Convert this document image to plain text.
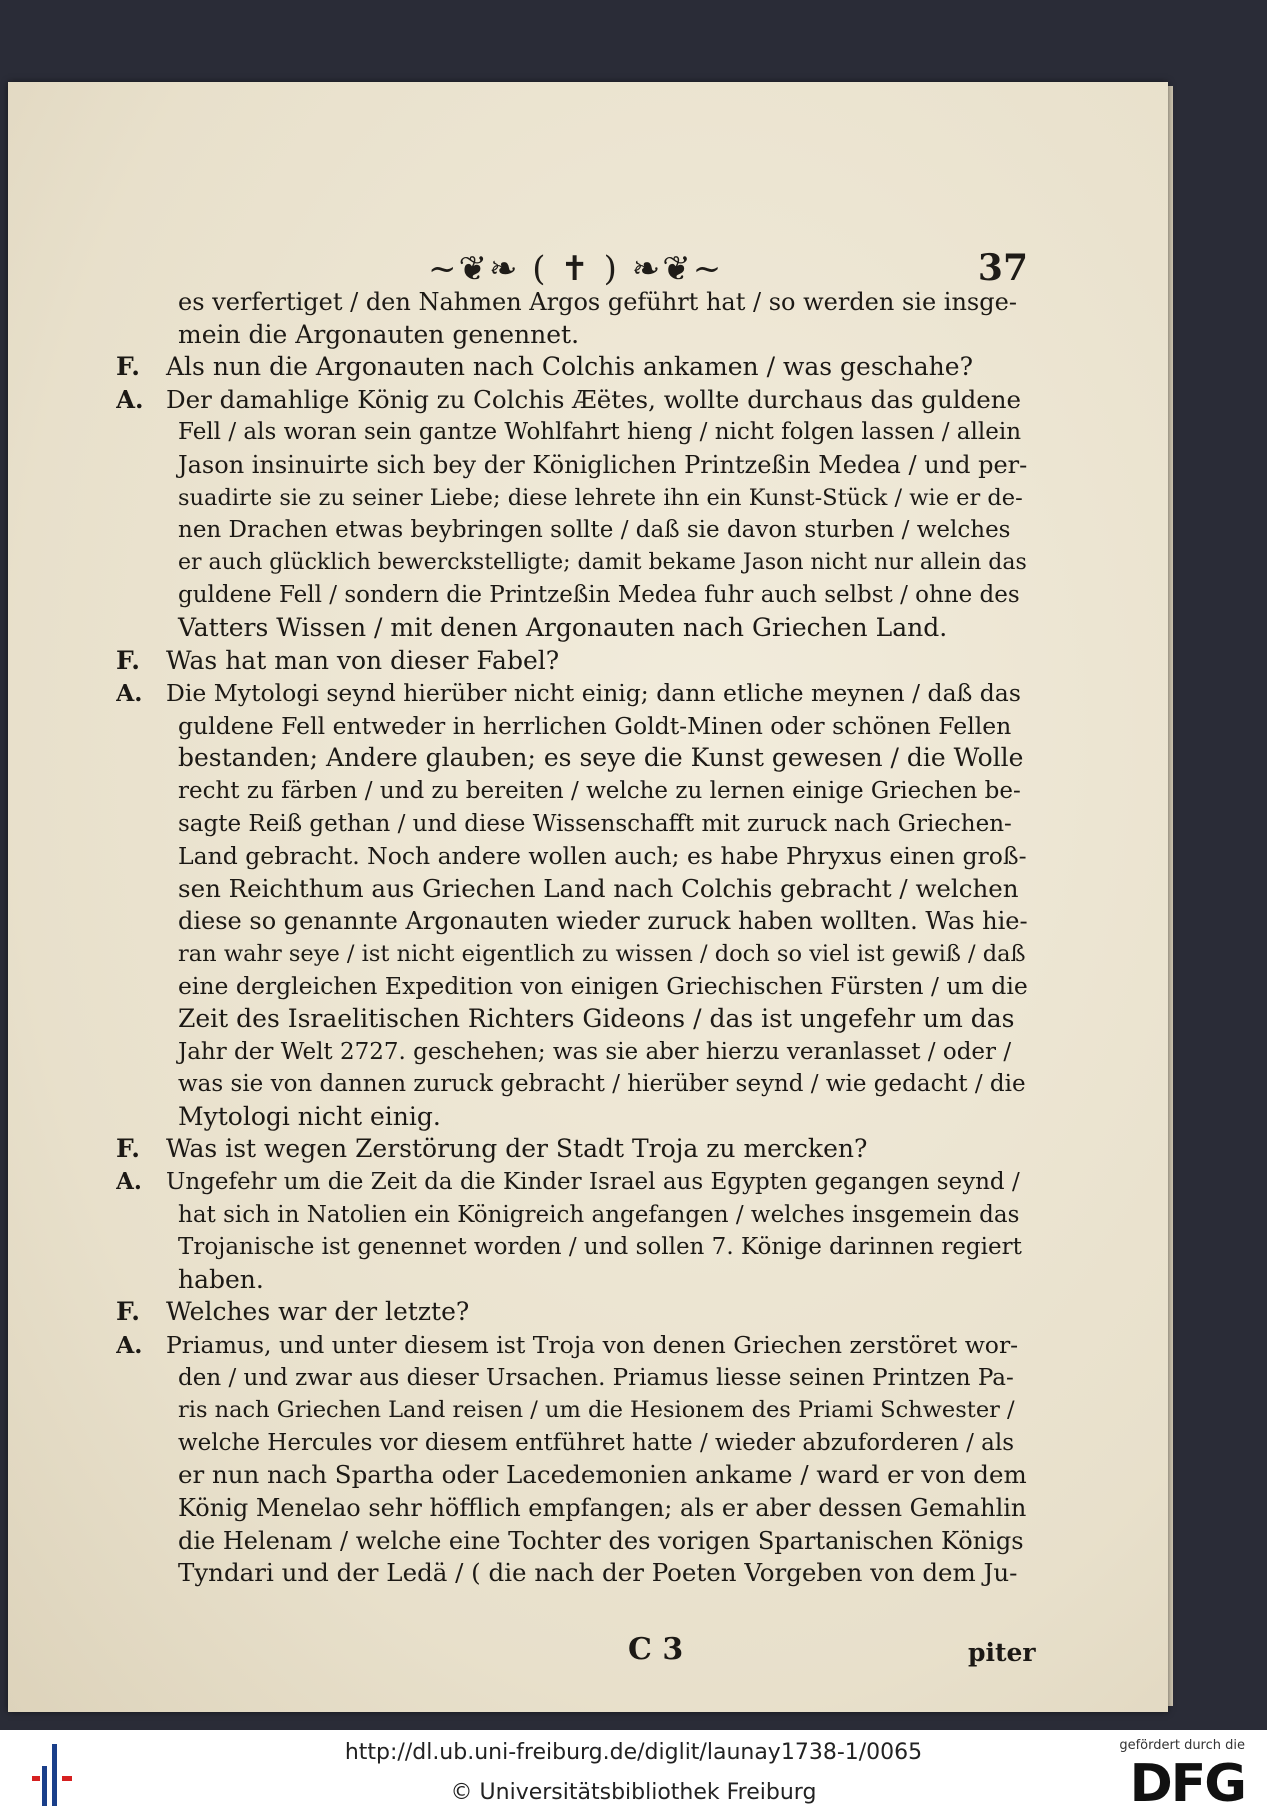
~❦❧ ( ✝ ) ❧❦~	37
es verfertiget / den Nahmen Argos geführt hat / so werden sie insge-
mein die Argonauten genennet.
F. Als nun die Argonauten nach Colchis ankamen / was geschahe?
A. Der damahlige König zu Colchis Æëtes, wollte durchaus das guldene
Fell / als woran sein gantze Wohlfahrt hieng / nicht folgen lassen / allein
Jason insinuirte sich bey der Königlichen Printzeßin Medea / und per-
suadirte sie zu seiner Liebe; diese lehrete ihn ein Kunst-Stück / wie er de-
nen Drachen etwas beybringen sollte / daß sie davon sturben / welches
er auch glücklich bewerckstelligte; damit bekame Jason nicht nur allein das
guldene Fell / sondern die Printzeßin Medea fuhr auch selbst / ohne des
Vatters Wissen / mit denen Argonauten nach Griechen Land.
F. Was hat man von dieser Fabel?
A. Die Mytologi seynd hierüber nicht einig; dann etliche meynen / daß das
guldene Fell entweder in herrlichen Goldt-Minen oder schönen Fellen
bestanden; Andere glauben; es seye die Kunst gewesen / die Wolle
recht zu färben / und zu bereiten / welche zu lernen einige Griechen be-
sagte Reiß gethan / und diese Wissenschafft mit zuruck nach Griechen-
Land gebracht. Noch andere wollen auch; es habe Phryxus einen groß-
sen Reichthum aus Griechen Land nach Colchis gebracht / welchen
diese so genannte Argonauten wieder zuruck haben wollten. Was hie-
ran wahr seye / ist nicht eigentlich zu wissen / doch so viel ist gewiß / daß
eine dergleichen Expedition von einigen Griechischen Fürsten / um die
Zeit des Israelitischen Richters Gideons / das ist ungefehr um das
Jahr der Welt 2727. geschehen; was sie aber hierzu veranlasset / oder /
was sie von dannen zuruck gebracht / hierüber seynd / wie gedacht / die
Mytologi nicht einig.
F. Was ist wegen Zerstörung der Stadt Troja zu mercken?
A. Ungefehr um die Zeit da die Kinder Israel aus Egypten gegangen seynd /
hat sich in Natolien ein Königreich angefangen / welches insgemein das
Trojanische ist genennet worden / und sollen 7. Könige darinnen regiert
haben.
F. Welches war der letzte?
A. Priamus, und unter diesem ist Troja von denen Griechen zerstöret wor-
den / und zwar aus dieser Ursachen. Priamus liesse seinen Printzen Pa-
ris nach Griechen Land reisen / um die Hesionem des Priami Schwester /
welche Hercules vor diesem entführet hatte / wieder abzuforderen / als
er nun nach Spartha oder Lacedemonien ankame / ward er von dem
König Menelao sehr höfflich empfangen; als er aber dessen Gemahlin
die Helenam / welche eine Tochter des vorigen Spartanischen Königs
Tyndari und der Ledä / ( die nach der Poeten Vorgeben von dem Ju-
C 3	piter
http://dl.ub.uni-freiburg.de/diglit/launay1738-1/0065
© Universitätsbibliothek Freiburg
gefördert durch die
DFG
